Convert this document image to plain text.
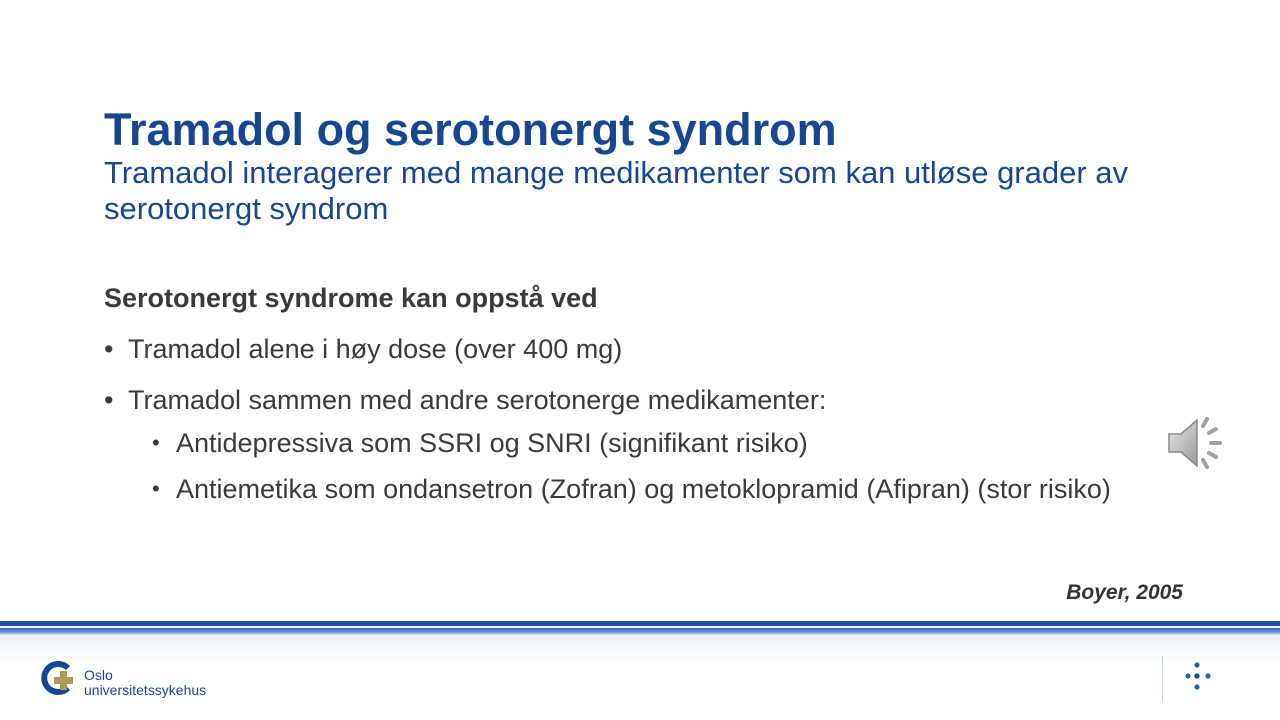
Tramadol og serotonergt syndrom
Tramadol interagerer med mange medikamenter som kan utløse grader av serotonergt syndrom
Serotonergt syndrome kan oppstå ved
• Tramadol alene i høy dose (over 400 mg)
• Tramadol sammen med andre serotonerge medikamenter:
• Antidepressiva som SSRI og SNRI (signifikant risiko)
• Antiemetika som ondansetron (Zofran) og metoklopramid (Afipran) (stor risiko)
Boyer, 2005
Oslo
universitetssykehus
